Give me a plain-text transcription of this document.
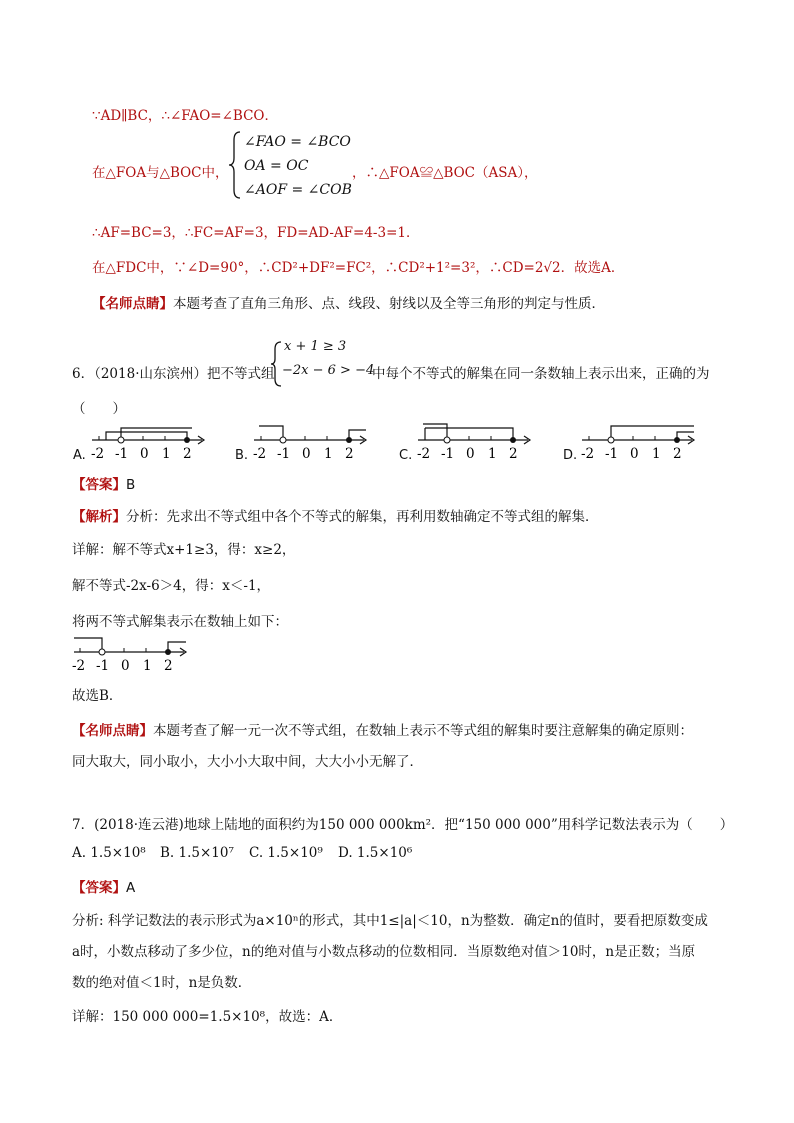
∵AD∥BC，∴∠FAO=∠BCO．
在△FOA与△BOC中，
∠FAO = ∠BCO
OA = OC
∠AOF = ∠COB
，∴△FOA≌△BOC（ASA），
∴AF=BC=3，∴FC=AF=3，FD=AD-AF=4-3=1．
在△FDC中，∵∠D=90°，∴CD²+DF²=FC²，∴CD²+1²=3²，∴CD=2√2．故选A．
【名师点睛】本题考查了直角三角形、点、线段、射线以及全等三角形的判定与性质．
6．（2018·山东滨州）把不等式组
x + 1 ≥ 3
−2x − 6 > −4
中每个不等式的解集在同一条数轴上表示出来，正确的为
（　　）
A. -2 -1 0 1 2	B. -2 -1 0 1 2	C. -2 -1 0 1 2	D. -2 -1 0 1 2
【答案】B
【解析】分析：先求出不等式组中各个不等式的解集，再利用数轴确定不等式组的解集．
详解：解不等式x+1≥3，得：x≥2，
解不等式-2x-6＞4，得：x＜-1，
将两不等式解集表示在数轴上如下：
-2 -1 0 1 2
故选B．
【名师点睛】本题考查了解一元一次不等式组，在数轴上表示不等式组的解集时要注意解集的确定原则：
同大取大，同小取小，大小小大取中间，大大小小无解了．
7．(2018·连云港)地球上陆地的面积约为150 000 000km²．把“150 000 000”用科学记数法表示为（　　）
A. 1.5×10⁸ B. 1.5×10⁷ C. 1.5×10⁹ D. 1.5×10⁶
【答案】A
分析: 科学记数法的表示形式为a×10ⁿ的形式，其中1≤|a|＜10，n为整数．确定n的值时，要看把原数变成
a时，小数点移动了多少位，n的绝对值与小数点移动的位数相同．当原数绝对值＞10时，n是正数；当原
数的绝对值＜1时，n是负数．
详解：150 000 000=1.5×10⁸，故选：A．
